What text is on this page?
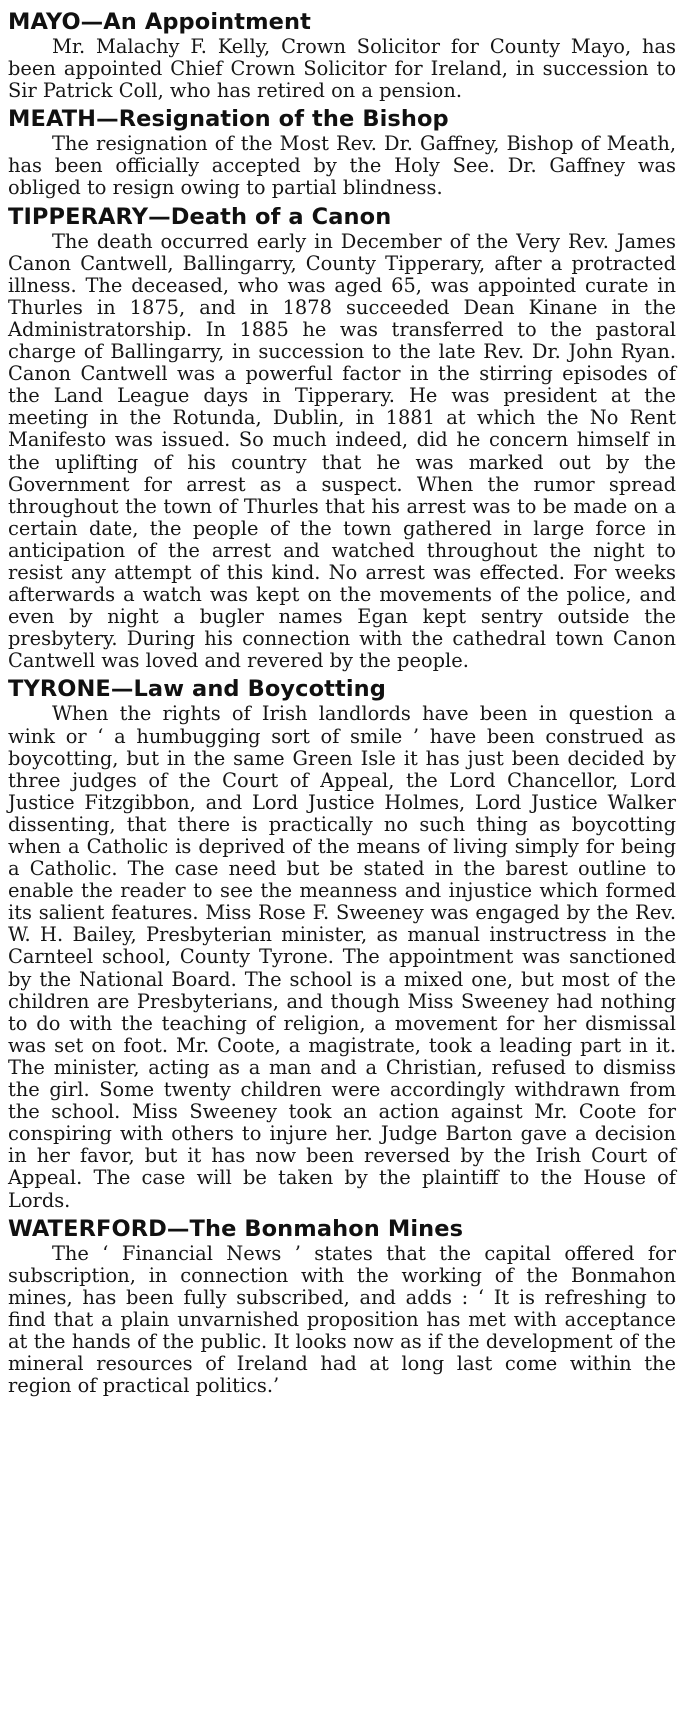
MAYO—An Appointment

Mr. Malachy F. Kelly, Crown Solicitor for County Mayo, has been appointed Chief Crown Solicitor for Ireland, in succession to Sir Patrick Coll, who has retired on a pension.

MEATH—Resignation of the Bishop

The resignation of the Most Rev. Dr. Gaffney, Bishop of Meath, has been officially accepted by the Holy See. Dr. Gaffney was obliged to resign owing to partial blindness.

TIPPERARY—Death of a Canon

The death occurred early in December of the Very Rev. James Canon Cantwell, Ballingarry, County Tipperary, after a protracted illness. The deceased, who was aged 65, was appointed curate in Thurles in 1875, and in 1878 succeeded Dean Kinane in the Administratorship. In 1885 he was transferred to the pastoral charge of Ballingarry, in succession to the late Rev. Dr. John Ryan. Canon Cantwell was a powerful factor in the stirring episodes of the Land League days in Tipperary. He was president at the meeting in the Rotunda, Dublin, in 1881 at which the No Rent Manifesto was issued. So much indeed, did he concern himself in the uplifting of his country that he was marked out by the Government for arrest as a suspect. When the rumor spread throughout the town of Thurles that his arrest was to be made on a certain date, the people of the town gathered in large force in anticipation of the arrest and watched throughout the night to resist any attempt of this kind. No arrest was effected. For weeks afterwards a watch was kept on the movements of the police, and even by night a bugler names Egan kept sentry outside the presbytery. During his connection with the cathedral town Canon Cantwell was loved and revered by the people.

TYRONE—Law and Boycotting

When the rights of Irish landlords have been in question a wink or ‘ a humbugging sort of smile ’ have been construed as boycotting, but in the same Green Isle it has just been decided by three judges of the Court of Appeal, the Lord Chancellor, Lord Justice Fitzgibbon, and Lord Justice Holmes, Lord Justice Walker dissenting, that there is practically no such thing as boycotting when a Catholic is deprived of the means of living simply for being a Catholic. The case need but be stated in the barest outline to enable the reader to see the meanness and injustice which formed its salient features. Miss Rose F. Sweeney was engaged by the Rev. W. H. Bailey, Presbyterian minister, as manual instructress in the Carnteel school, County Tyrone. The appointment was sanctioned by the National Board. The school is a mixed one, but most of the children are Presbyterians, and though Miss Sweeney had nothing to do with the teaching of religion, a movement for her dismissal was set on foot. Mr. Coote, a magistrate, took a leading part in it. The minister, acting as a man and a Christian, refused to dismiss the girl. Some twenty children were accordingly withdrawn from the school. Miss Sweeney took an action against Mr. Coote for conspiring with others to injure her. Judge Barton gave a decision in her favor, but it has now been reversed by the Irish Court of Appeal. The case will be taken by the plaintiff to the House of Lords.

WATERFORD—The Bonmahon Mines

The ‘ Financial News ’ states that the capital offered for subscription, in connection with the working of the Bonmahon mines, has been fully subscribed, and adds : ‘ It is refreshing to find that a plain unvarnished proposition has met with acceptance at the hands of the public. It looks now as if the development of the mineral resources of Ireland had at long last come within the region of practical politics.’
